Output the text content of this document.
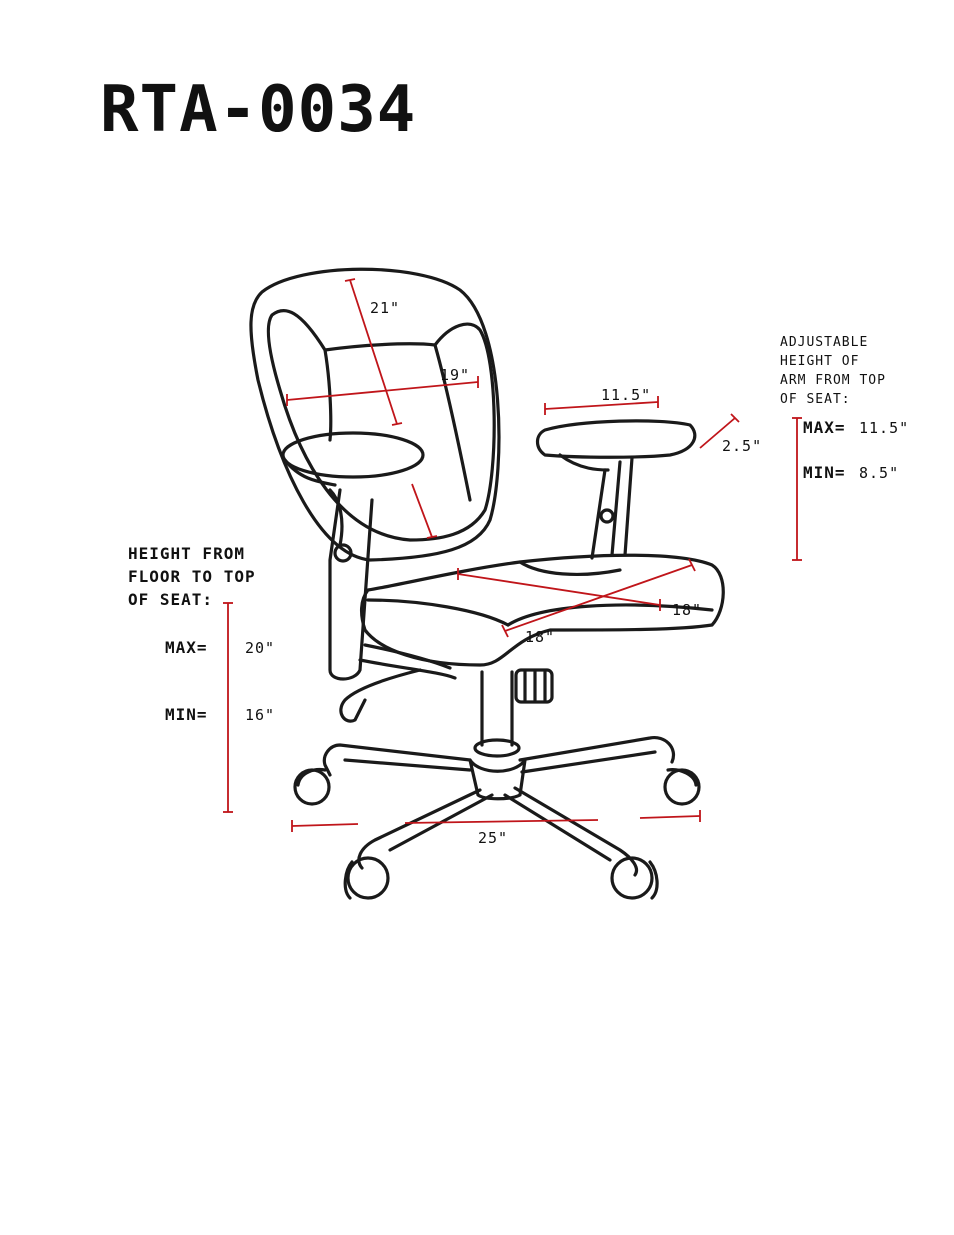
RTA-0034
21"
19"
11.5"
2.5"
18"
18"
25"
ADJUSTABLE
HEIGHT OF
ARM FROM TOP
OF SEAT:
MAX= 11.5"
MIN= 8.5"
HEIGHT FROM
FLOOR TO TOP
OF SEAT:
MAX= 20"
MIN= 16"
